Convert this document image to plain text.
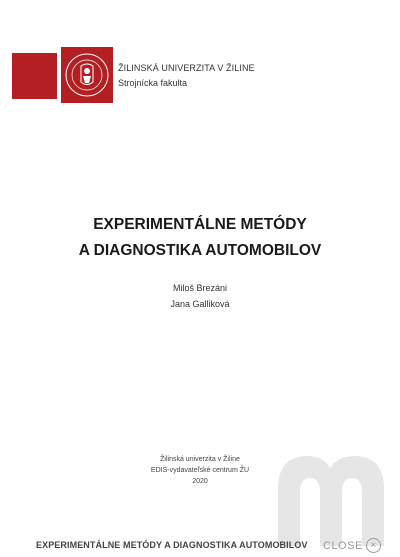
ŽILINSKÁ UNIVERZITA V ŽILINE
Strojnícka fakulta
EXPERIMENTÁLNE METÓDY
A DIAGNOSTIKA AUTOMOBILOV
Miloš Brezáni
Jana Galliková
Žilinská univerzita v Žiline
EDIS-vydavateľské centrum ŽU
2020
EXPERIMENTÁLNE METÓDY A DIAGNOSTIKA AUTOMOBILOV CLOSE ×
